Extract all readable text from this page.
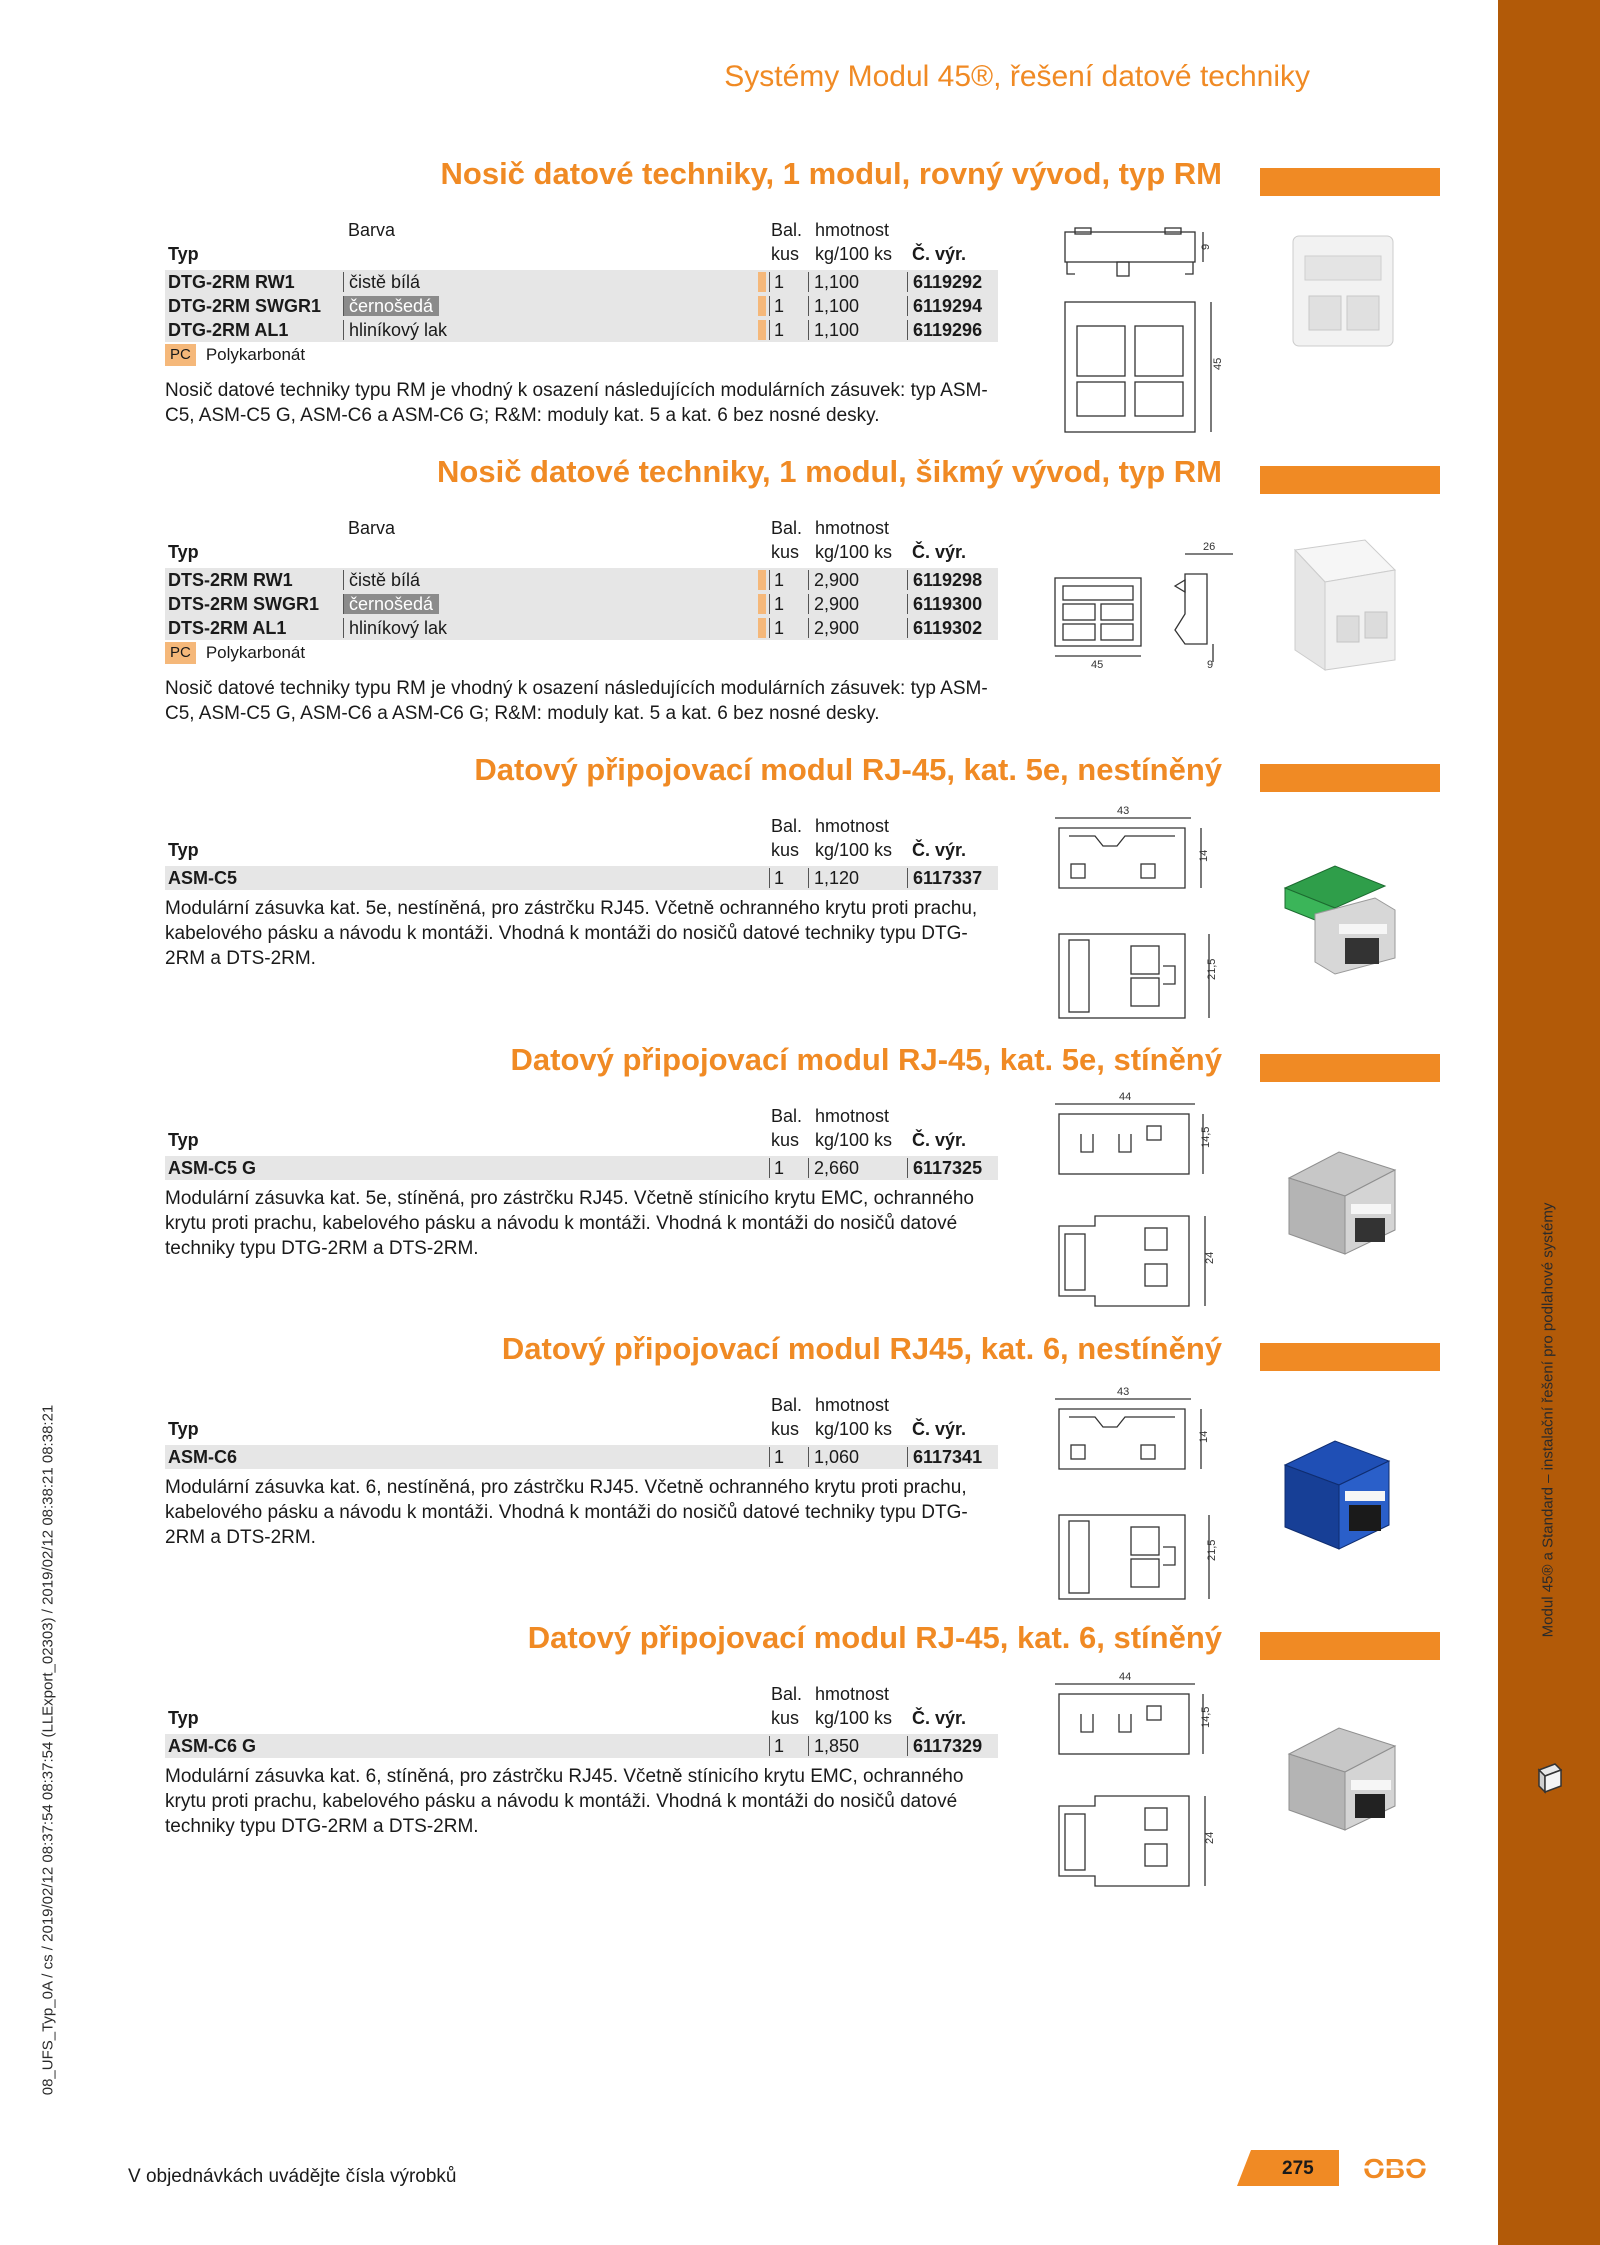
Modul 45® a Standard – instalační řešení pro podlahové systémy
08_UFS_Typ_0A / cs / 2019/02/12 08:37:54 08:37:54 (LLExport_02303) / 2019/02/12 08:38:21 08:38:21
Systémy Modul 45®, řešení datové techniky
Nosič datové techniky, 1 modul, rovný vývod, typ RM
Typ
Barva	Bal.
kus
hmotnost
kg/100 ks Č. výr.
DTG-2RM RW1	čistě bílá	1	1,100	6119292
DTG-2RM SWGR1	černošedá	1	1,100	6119294
DTG-2RM AL1	hliníkový lak	1	1,100	6119296
PC Polykarbonát
Nosič datové techniky typu RM je vhodný k osazení následujících modulárních zásuvek: typ ASM-C5, ASM-C5 G, ASM-C6 a ASM-C6 G; R&M: moduly kat. 5 a kat. 6 bez nosné desky.
9
45
Nosič datové techniky, 1 modul, šikmý vývod, typ RM
Typ
Barva	Bal.
kus
hmotnost
kg/100 ks Č. výr.
DTS-2RM RW1	čistě bílá	1	2,900	6119298
DTS-2RM SWGR1	černošedá	1	2,900	6119300
DTS-2RM AL1	hliníkový lak	1	2,900	6119302
PC Polykarbonát
Nosič datové techniky typu RM je vhodný k osazení následujících modulárních zásuvek: typ ASM-C5, ASM-C5 G, ASM-C6 a ASM-C6 G; R&M: moduly kat. 5 a kat. 6 bez nosné desky.
26
45	9
Datový připojovací modul RJ-45, kat. 5e, nestíněný
Typ
Bal.
kus
hmotnost
kg/100 ks Č. výr.
ASM-C5	1	1,120	6117337
Modulární zásuvka kat. 5e, nestíněná, pro zástrčku RJ45. Včetně ochranného krytu proti prachu, kabelového pásku a návodu k montáži. Vhodná k montáži do nosičů datové techniky typu DTG-2RM a DTS-2RM.
43
14
21,5
Datový připojovací modul RJ-45, kat. 5e, stíněný
Typ
Bal.
kus
hmotnost
kg/100 ks Č. výr.
ASM-C5 G	1	2,660	6117325
Modulární zásuvka kat. 5e, stíněná, pro zástrčku RJ45. Včetně stínicího krytu EMC, ochranného krytu proti prachu, kabelového pásku a návodu k montáži. Vhodná k montáži do nosičů datové techniky typu DTG-2RM a DTS-2RM.
44
14,5
24
Datový připojovací modul RJ45, kat. 6, nestíněný
Typ
Bal.
kus
hmotnost
kg/100 ks Č. výr.
ASM-C6	1	1,060	6117341
Modulární zásuvka kat. 6, nestíněná, pro zástrčku RJ45. Včetně ochranného krytu proti prachu, kabelového pásku a návodu k montáži. Vhodná k montáži do nosičů datové techniky typu DTG-2RM a DTS-2RM.
43
14
21,5
Datový připojovací modul RJ-45, kat. 6, stíněný
Typ
Bal.
kus
hmotnost
kg/100 ks Č. výr.
ASM-C6 G	1	1,850	6117329
Modulární zásuvka kat. 6, stíněná, pro zástrčku RJ45. Včetně stínicího krytu EMC, ochranného krytu proti prachu, kabelového pásku a návodu k montáži. Vhodná k montáži do nosičů datové techniky typu DTG-2RM a DTS-2RM.
44
14,5
24
V objednávkách uvádějte čísla výrobků	275 OBO
